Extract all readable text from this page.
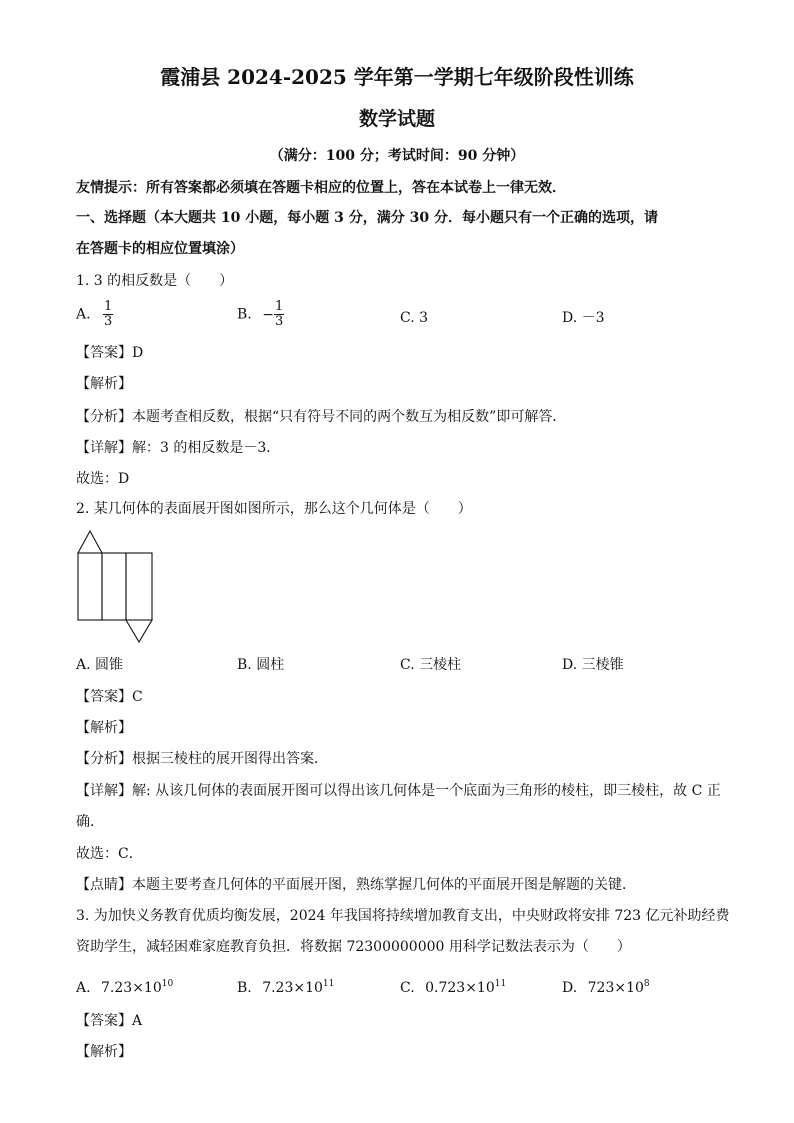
霞浦县 2024-2025 学年第一学期七年级阶段性训练
数学试题
（满分：100 分；考试时间：90 分钟）
友情提示：所有答案都必须填在答题卡相应的位置上，答在本试卷上一律无效．
一、选择题（本大题共 10 小题，每小题 3 分，满分 30 分．每小题只有一个正确的选项，请
在答题卡的相应位置填涂）
1. 3 的相反数是（　　）
A. $\frac{1}{3}$	B. − $\frac{1}{3}$	C. 3	D. －3
【答案】D
【解析】
【分析】本题考查相反数，根据“只有符号不同的两个数互为相反数”即可解答．
【详解】解：3 的相反数是－3．
故选：D
2. 某几何体的表面展开图如图所示，那么这个几何体是（　　）
A. 圆锥	B. 圆柱	C. 三棱柱	D. 三棱锥
【答案】C
【解析】
【分析】根据三棱柱的展开图得出答案．
【详解】解: 从该几何体的表面展开图可以得出该几何体是一个底面为三角形的棱柱，即三棱柱，故 C 正
确．
故选：C．
【点睛】本题主要考查几何体的平面展开图，熟练掌握几何体的平面展开图是解题的关键．
3. 为加快义务教育优质均衡发展，2024 年我国将持续增加教育支出，中央财政将安排 723 亿元补助经费
资助学生，减轻困难家庭教育负担．将数据 72300000000 用科学记数法表示为（　　）
A. $7.23\times 10^{10}$	B. $7.23\times 10^{11}$	C. $0.723\times 10^{11}$	D. $723\times 10^8$
【答案】A
【解析】
